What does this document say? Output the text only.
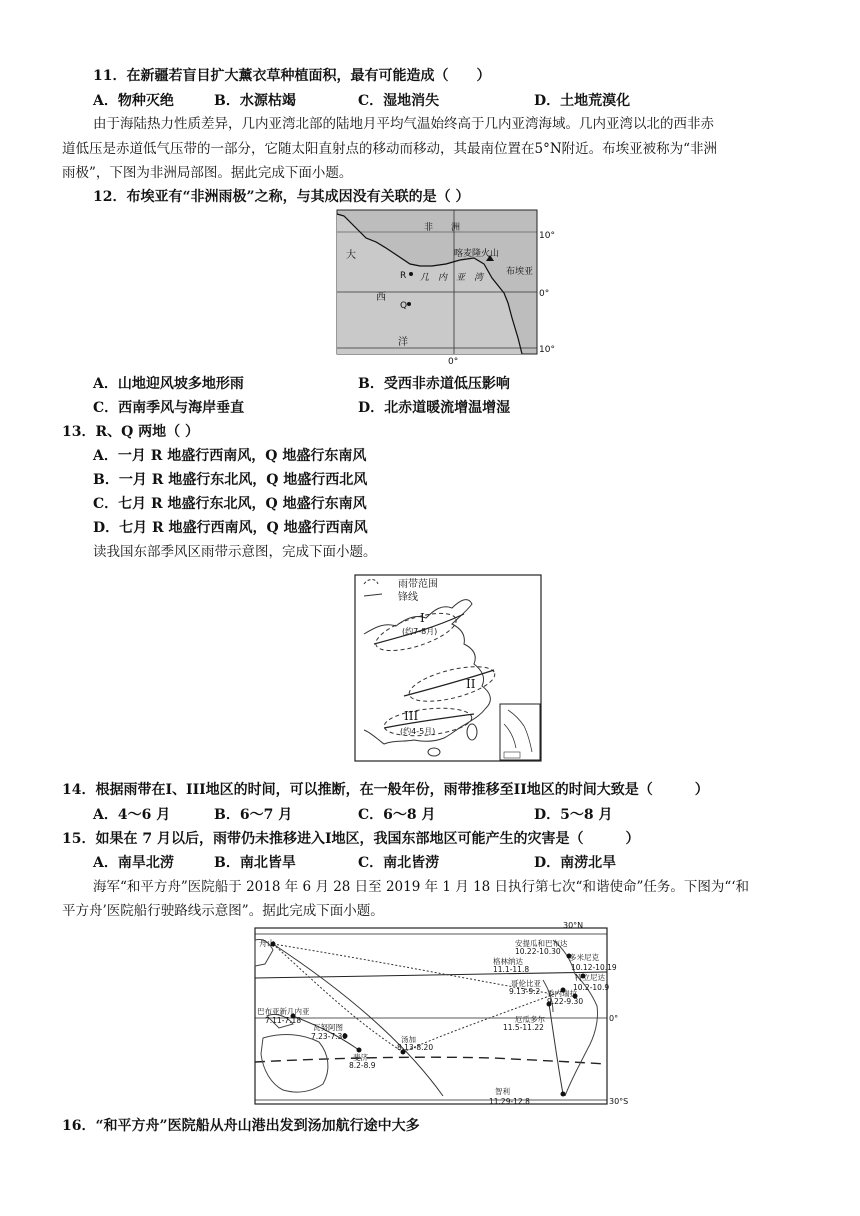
11．在新疆若盲目扩大薰衣草种植面积，最有可能造成（　　）
A．物种灭绝	B．水源枯竭	C．湿地消失	D．土地荒漠化
由于海陆热力性质差异，几内亚湾北部的陆地月平均气温始终高于几内亚湾海域。几内亚湾以北的西非赤
道低压是赤道低气压带的一部分，它随太阳直射点的移动而移动，其最南位置在5°N附近。布埃亚被称为“非洲
雨极”，下图为非洲局部图。据此完成下面小题。
12．布埃亚有“非洲雨极”之称，与其成因没有关联的是（ ）
非　　洲
喀麦隆火山
布埃亚
几　内　亚　湾
R
Q
大
西
洋
10°
0°
10°
0°
A．山地迎风坡多地形雨	B．受西非赤道低压影响
C．西南季风与海岸垂直	D．北赤道暖流增温增湿
13．R、Q 两地（ ）
A．一月 R 地盛行西南风，Q 地盛行东南风
B．一月 R 地盛行东北风，Q 地盛行西北风
C．七月 R 地盛行东北风，Q 地盛行东南风
D．七月 R 地盛行西南风，Q 地盛行西南风
读我国东部季风区雨带示意图，完成下面小题。
雨带范围
锋线
I
(约7-8月)
II
III
(约4-5月)
14．根据雨带在I、III地区的时间，可以推断，在一般年份，雨带推移至II地区的时间大致是（　　　）
A．4～6 月	B．6～7 月	C．6～8 月	D．5～8 月
15．如果在 7 月以后，雨带仍未推移进入I地区，我国东部地区可能产生的灾害是（　　　）
A．南旱北涝	B．南北皆旱	C．南北皆涝	D．南涝北旱
海军“和平方舟”医院船于 2018 年 6 月 28 日至 2019 年 1 月 18 日执行第七次“和谐使命”任务。下图为“‘和
平方舟’医院船行驶路线示意图”。据此完成下面小题。
舟山
巴布亚新几内亚
7.11-7.18
瓦努阿图
7.23-7.30	汤加
8.13-8.20
斐济
8.2-8.9
安提瓜和巴布达
10.22-10.30
格林纳达
11.1-11.8
多米尼克
10.12-10.19
特立尼达
10.2-10.9
哥伦比亚
9.13-9.2 委内瑞拉
9.22-9.30
厄瓜多尔
11.5-11.22
智利
11.29-12.8
30°N
0°
30°S
16．“和平方舟”医院船从舟山港出发到汤加航行途中大多
